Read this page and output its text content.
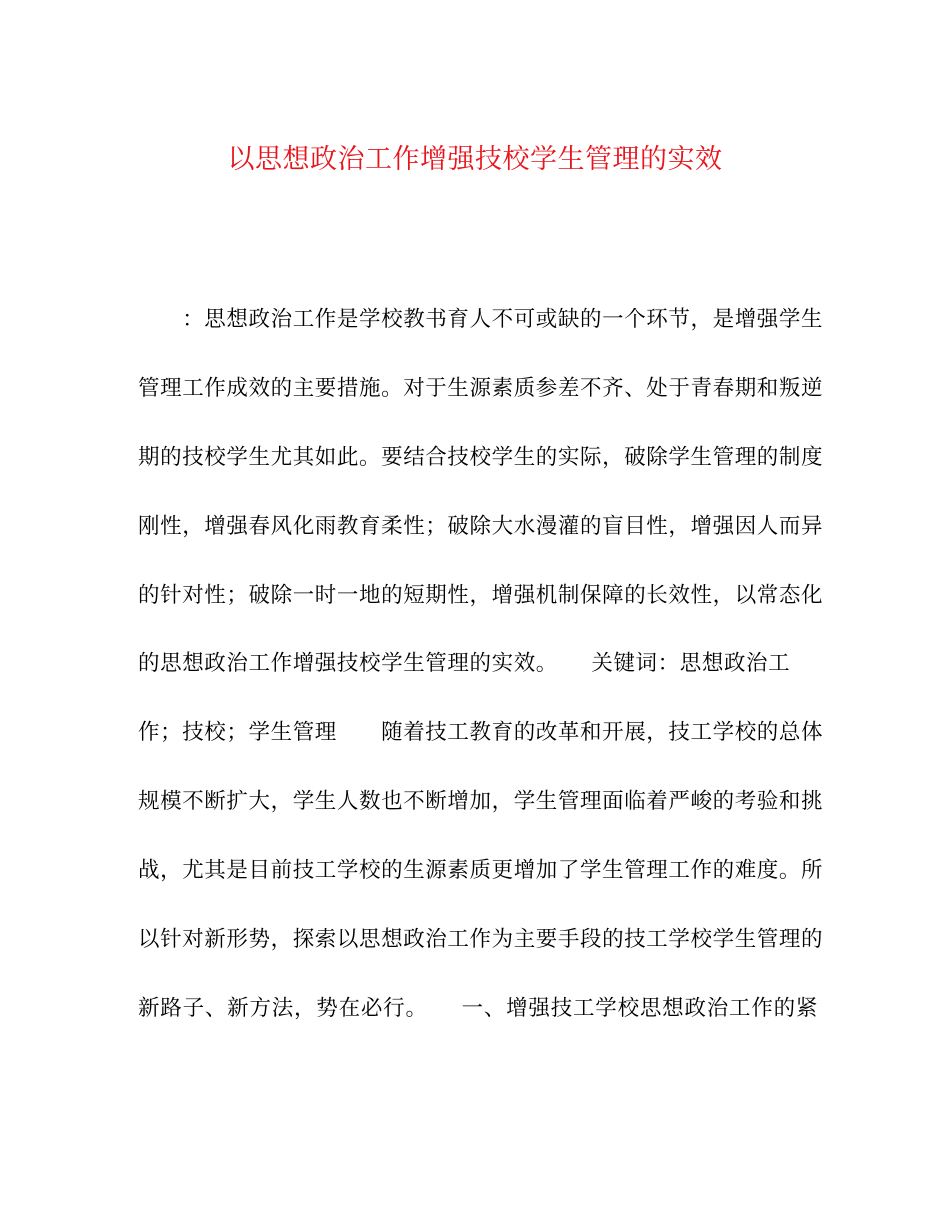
以思想政治工作增强技校学生管理的实效
　　：思想政治工作是学校教书育人不可或缺的一个环节，是增强学生
管理工作成效的主要措施。对于生源素质参差不齐、处于青春期和叛逆
期的技校学生尤其如此。要结合技校学生的实际，破除学生管理的制度
刚性，增强春风化雨教育柔性；破除大水漫灌的盲目性，增强因人而异
的针对性；破除一时一地的短期性，增强机制保障的长效性，以常态化
的思想政治工作增强技校学生管理的实效。　　关键词：思想政治工
作；技校；学生管理　　随着技工教育的改革和开展，技工学校的总体
规模不断扩大，学生人数也不断增加，学生管理面临着严峻的考验和挑
战，尤其是目前技工学校的生源素质更增加了学生管理工作的难度。所
以针对新形势，探索以思想政治工作为主要手段的技工学校学生管理的
新路子、新方法，势在必行。　　一、增强技工学校思想政治工作的紧
